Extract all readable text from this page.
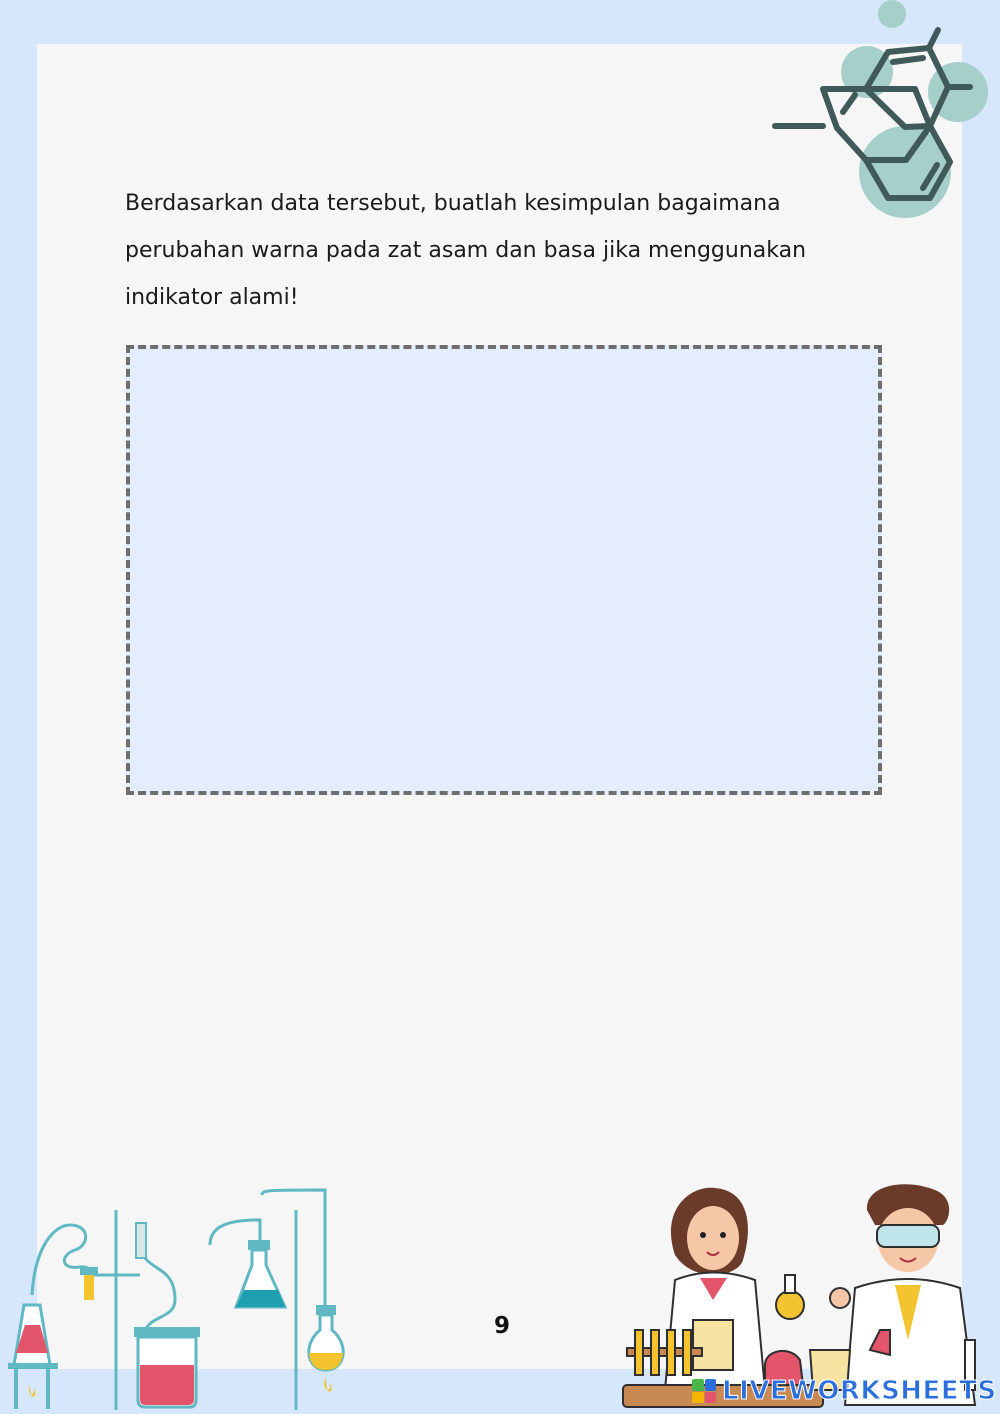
Berdasarkan data tersebut, buatlah kesimpulan bagaimana perubahan warna pada zat asam dan basa jika menggunakan indikator alami!

9
LIVEWORKSHEETS
